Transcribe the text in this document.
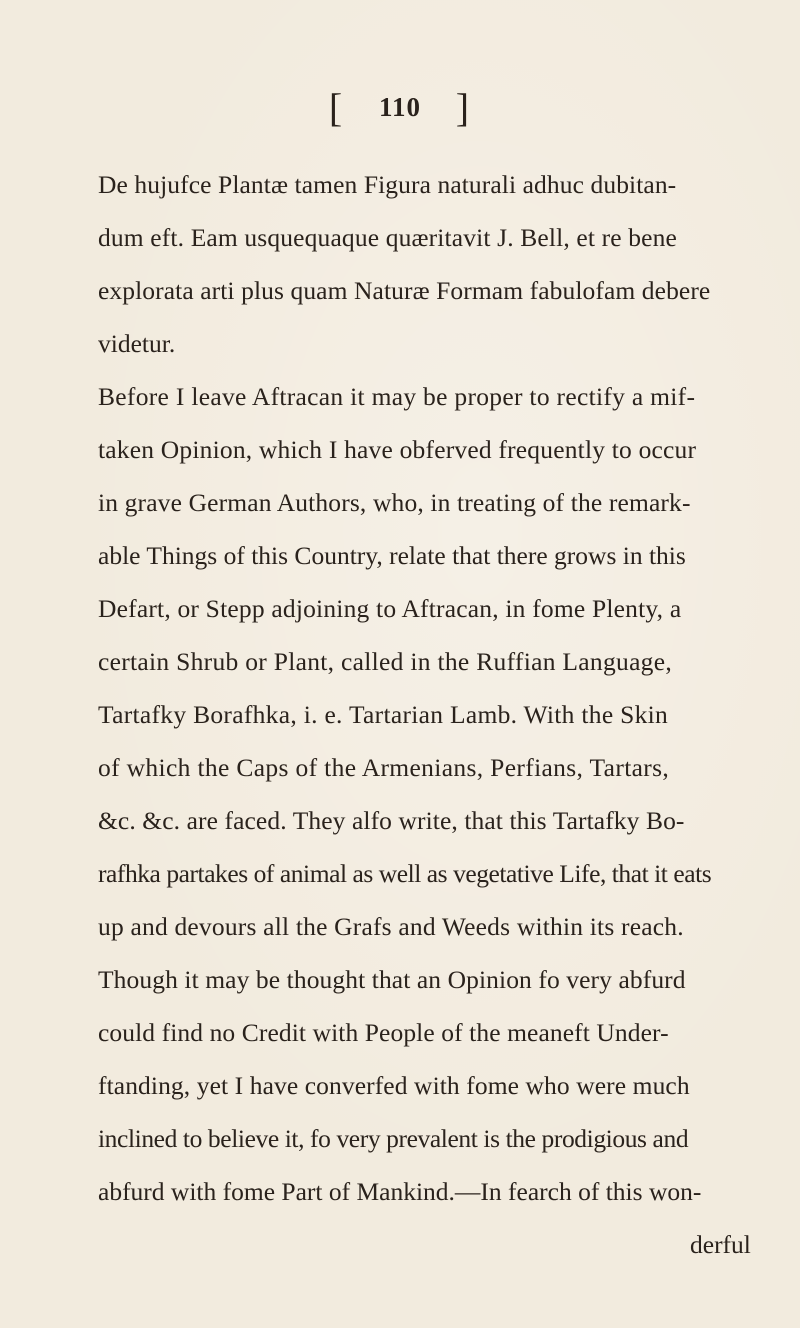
[ 110 ]
De hujufce Plantæ tamen Figura naturali adhuc dubitan-
dum eft. Eam usquequaque quæritavit J. Bell, et re bene
explorata arti plus quam Naturæ Formam fabulofam debere
videtur.
Before I leave Aftracan it may be proper to rectify a mif-
taken Opinion, which I have obferved frequently to occur
in grave German Authors, who, in treating of the remark-
able Things of this Country, relate that there grows in this
Defart, or Stepp adjoining to Aftracan, in fome Plenty, a
certain Shrub or Plant, called in the Ruffian Language,
Tartafky Borafhka, i. e. Tartarian Lamb. With the Skin
of which the Caps of the Armenians, Perfians, Tartars,
&c. &c. are faced. They alfo write, that this Tartafky Bo-
rafhka partakes of animal as well as vegetative Life, that it eats
up and devours all the Grafs and Weeds within its reach.
Though it may be thought that an Opinion fo very abfurd
could find no Credit with People of the meaneft Under-
ftanding, yet I have converfed with fome who were much
inclined to believe it, fo very prevalent is the prodigious and
abfurd with fome Part of Mankind.—In fearch of this won-
derful
